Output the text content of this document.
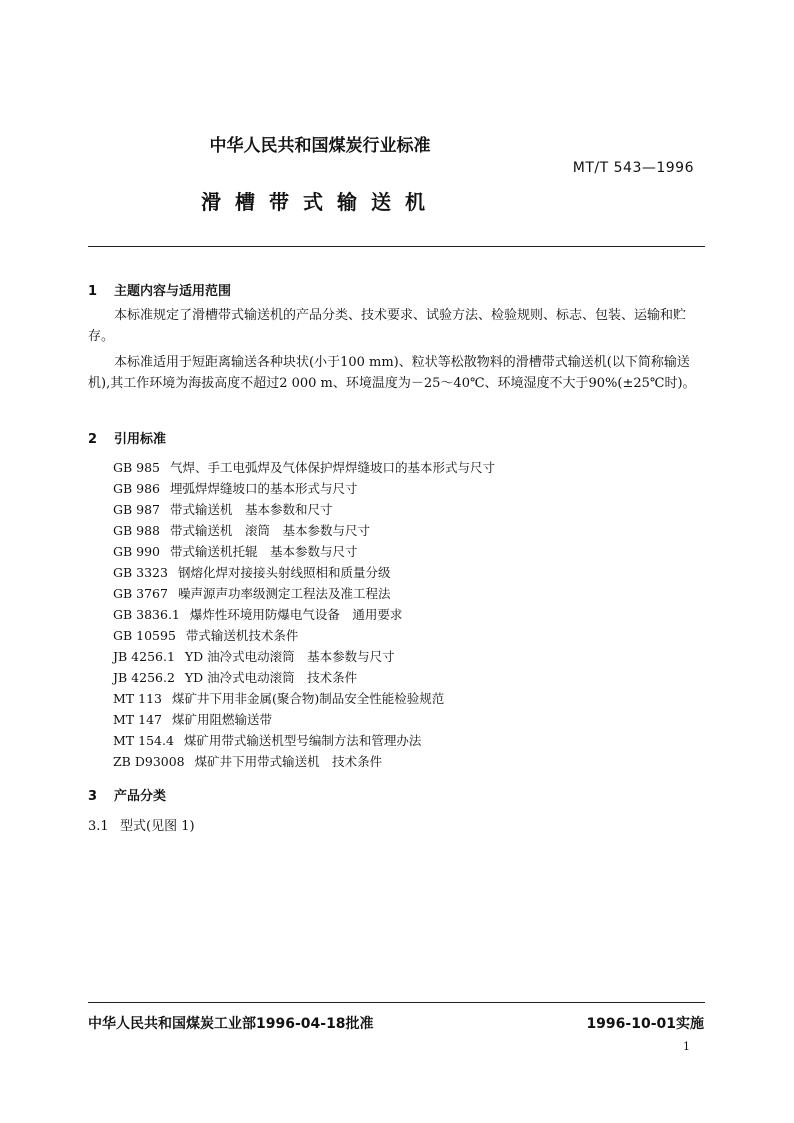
中华人民共和国煤炭行业标准
MT/T 543—1996
滑槽带式输送机
1 主题内容与适用范围
本标准规定了滑槽带式输送机的产品分类、技术要求、试验方法、检验规则、标志、包装、运输和贮存。
本标准适用于短距离输送各种块状(小于100 mm)、粒状等松散物料的滑槽带式输送机(以下简称输送机),其工作环境为海拔高度不超过2 000 m、环境温度为－25～40℃、环境湿度不大于90%(±25℃时)。
2 引用标准
GB 985 气焊、手工电弧焊及气体保护焊焊缝坡口的基本形式与尺寸
GB 986 埋弧焊焊缝坡口的基本形式与尺寸
GB 987 带式输送机　基本参数和尺寸
GB 988 带式输送机　滚筒　基本参数与尺寸
GB 990 带式输送机托辊　基本参数与尺寸
GB 3323 钢熔化焊对接接头射线照相和质量分级
GB 3767 噪声源声功率级测定工程法及准工程法
GB 3836.1 爆炸性环境用防爆电气设备　通用要求
GB 10595 带式输送机技术条件
JB 4256.1 YD 油冷式电动滚筒　基本参数与尺寸
JB 4256.2 YD 油冷式电动滚筒　技术条件
MT 113 煤矿井下用非金属(聚合物)制品安全性能检验规范
MT 147 煤矿用阻燃输送带
MT 154.4 煤矿用带式输送机型号编制方法和管理办法
ZB D93008 煤矿井下用带式输送机　技术条件
3 产品分类
3.1 型式(见图 1)
中华人民共和国煤炭工业部1996-04-18批准	1996-10-01实施
1
